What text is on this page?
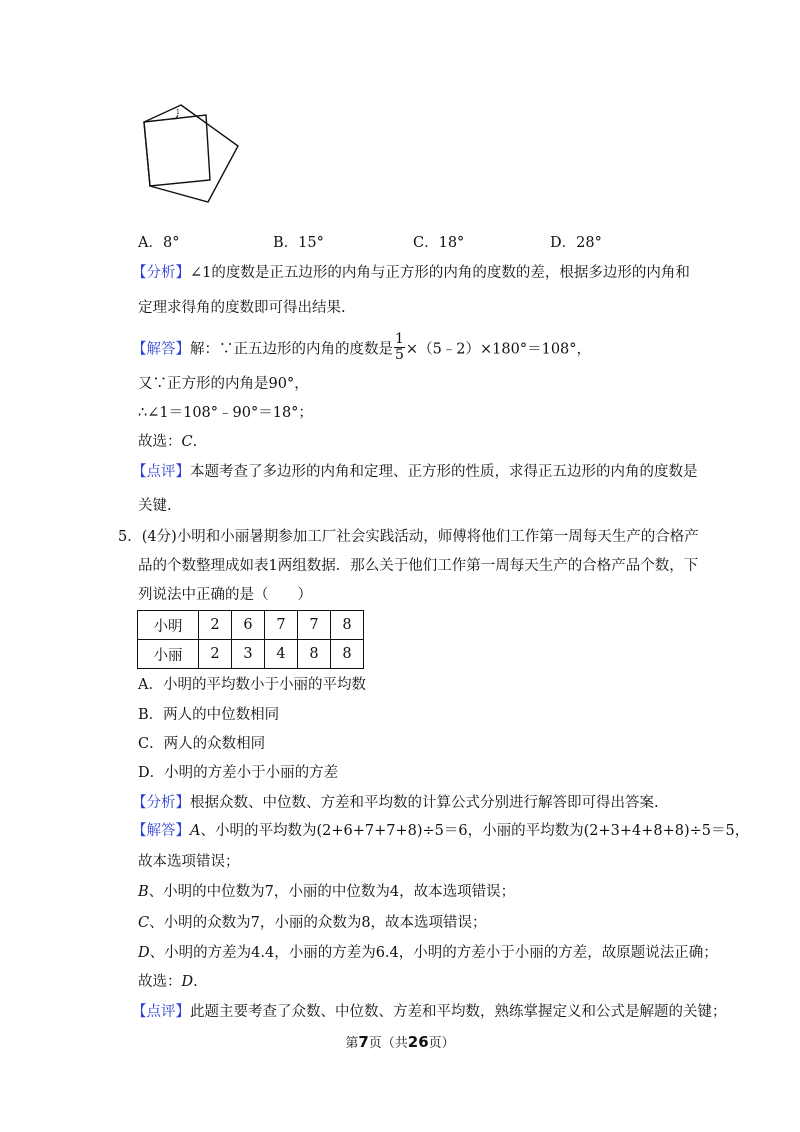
1
A．8°	B．15°	C．18°	D．28°
【分析】∠1的度数是正五边形的内角与正方形的内角的度数的差，根据多边形的内角和
定理求得角的度数即可得出结果.
【解答】解：∵正五边形的内角的度数是 $\frac{1}{5}$ ×（5﹣2）×180°＝108°，
又∵正方形的内角是90°，
∴∠1＝108°﹣90°＝18°；
故选：C.
【点评】本题考查了多边形的内角和定理、正方形的性质，求得正五边形的内角的度数是
关键.
5．(4分)小明和小丽暑期参加工厂社会实践活动，师傅将他们工作第一周每天生产的合格产
品的个数整理成如表1两组数据．那么关于他们工作第一周每天生产的合格产品个数，下
列说法中正确的是（　　）
小明	2	6	7	7	8
小丽	2	3	4	8	8
A．小明的平均数小于小丽的平均数
B．两人的中位数相同
C．两人的众数相同
D．小明的方差小于小丽的方差
【分析】根据众数、中位数、方差和平均数的计算公式分别进行解答即可得出答案.
【解答】A、小明的平均数为(2+6+7+7+8)÷5＝6，小丽的平均数为(2+3+4+8+8)÷5＝5，
故本选项错误；
B、小明的中位数为7，小丽的中位数为4，故本选项错误；
C、小明的众数为7，小丽的众数为8，故本选项错误；
D、小明的方差为4.4，小丽的方差为6.4，小明的方差小于小丽的方差，故原题说法正确；
故选：D.
【点评】此题主要考查了众数、中位数、方差和平均数，熟练掌握定义和公式是解题的关键；
第7页（共26页）
